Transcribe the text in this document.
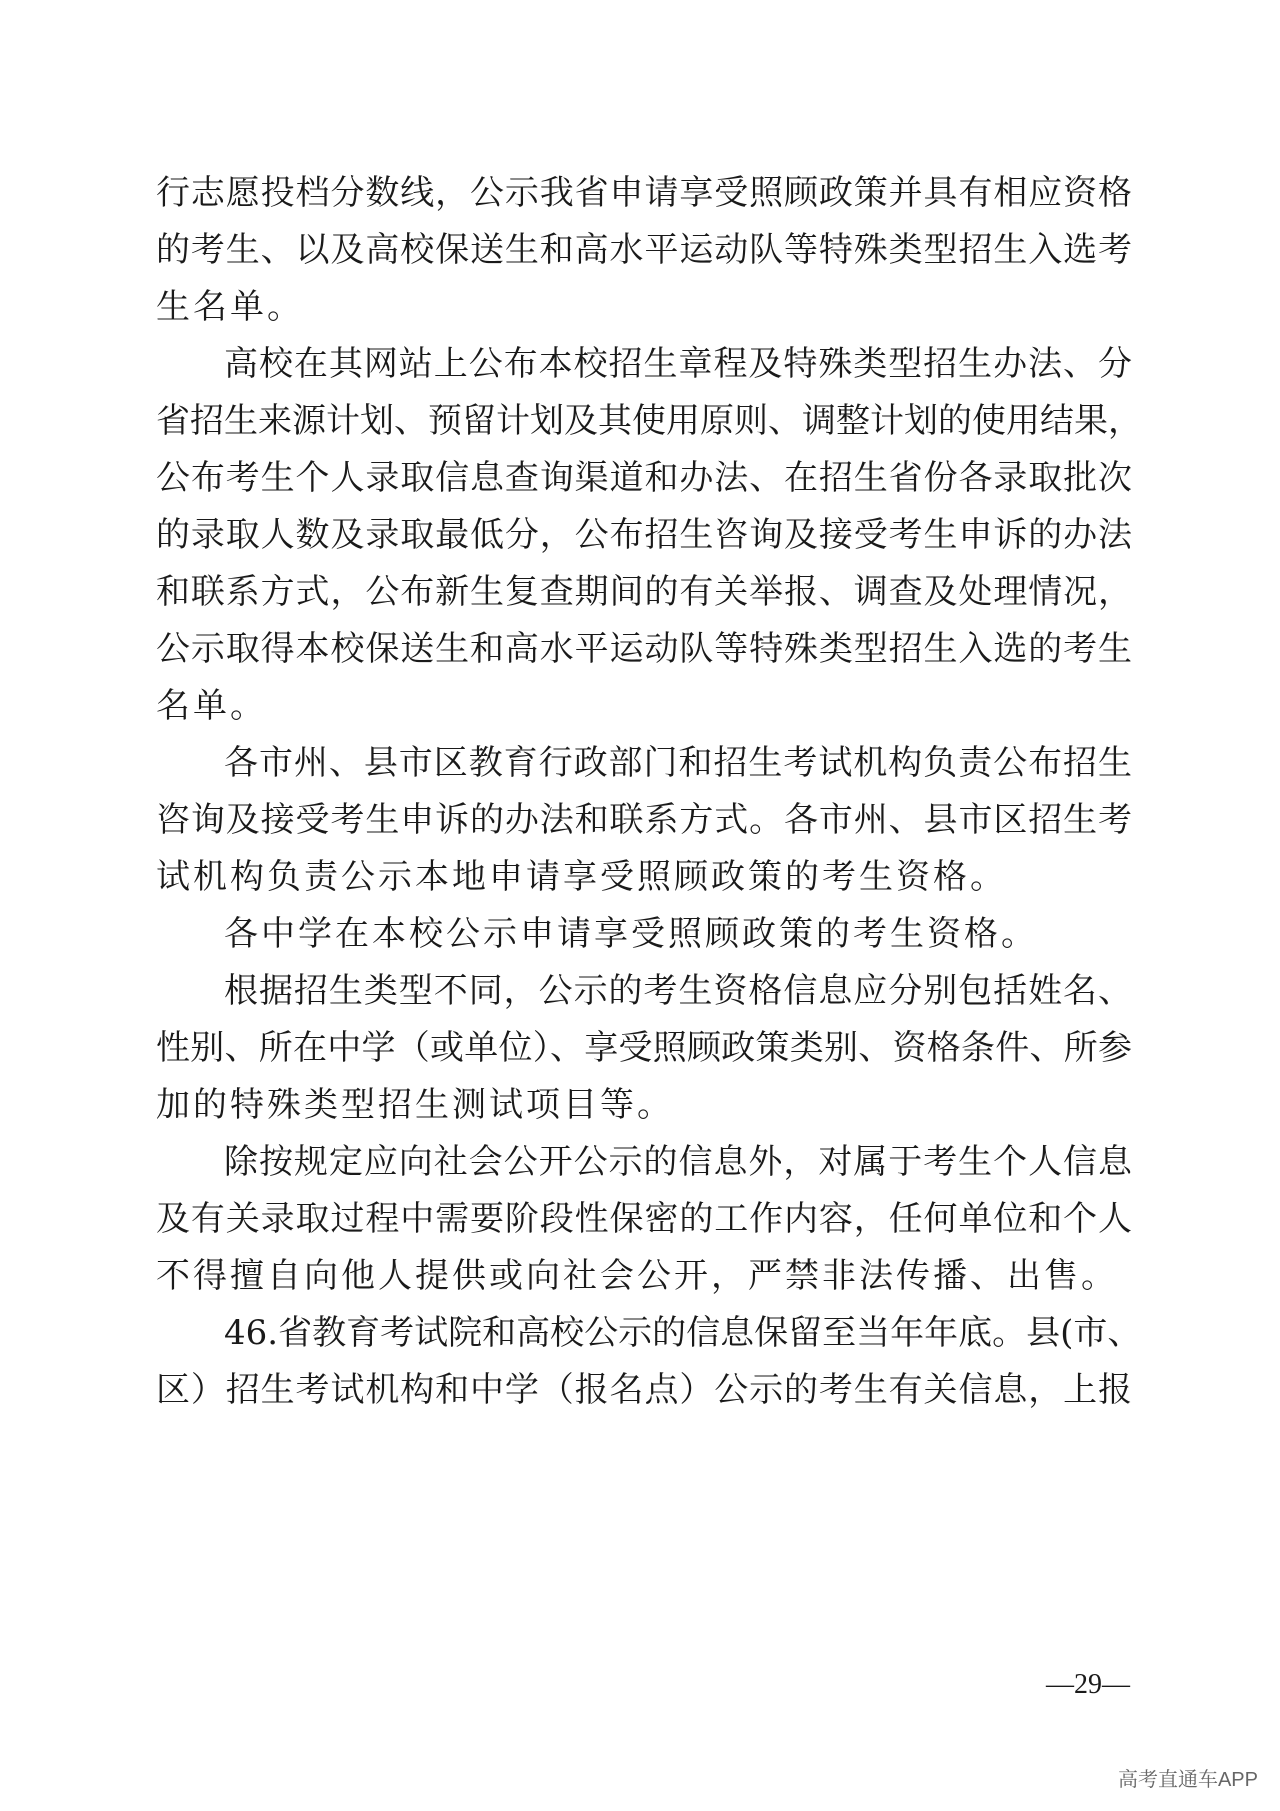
行志愿投档分数线，公示我省申请享受照顾政策并具有相应资格
的考生、以及高校保送生和高水平运动队等特殊类型招生入选考
生名单。
高校在其网站上公布本校招生章程及特殊类型招生办法、分
省招生来源计划、预留计划及其使用原则、调整计划的使用结果，
公布考生个人录取信息查询渠道和办法、在招生省份各录取批次
的录取人数及录取最低分，公布招生咨询及接受考生申诉的办法
和联系方式，公布新生复查期间的有关举报、调查及处理情况，
公示取得本校保送生和高水平运动队等特殊类型招生入选的考生
名单。
各市州、县市区教育行政部门和招生考试机构负责公布招生
咨询及接受考生申诉的办法和联系方式。各市州、县市区招生考
试机构负责公示本地申请享受照顾政策的考生资格。
各中学在本校公示申请享受照顾政策的考生资格。
根据招生类型不同，公示的考生资格信息应分别包括姓名、
性别、所在中学（或单位）、享受照顾政策类别、资格条件、所参
加的特殊类型招生测试项目等。
除按规定应向社会公开公示的信息外，对属于考生个人信息
及有关录取过程中需要阶段性保密的工作内容，任何单位和个人
不得擅自向他人提供或向社会公开，严禁非法传播、出售。
46.省教育考试院和高校公示的信息保留至当年年底。县(市、
区）招生考试机构和中学（报名点）公示的考生有关信息，上报
—29—
高考直通车APP
